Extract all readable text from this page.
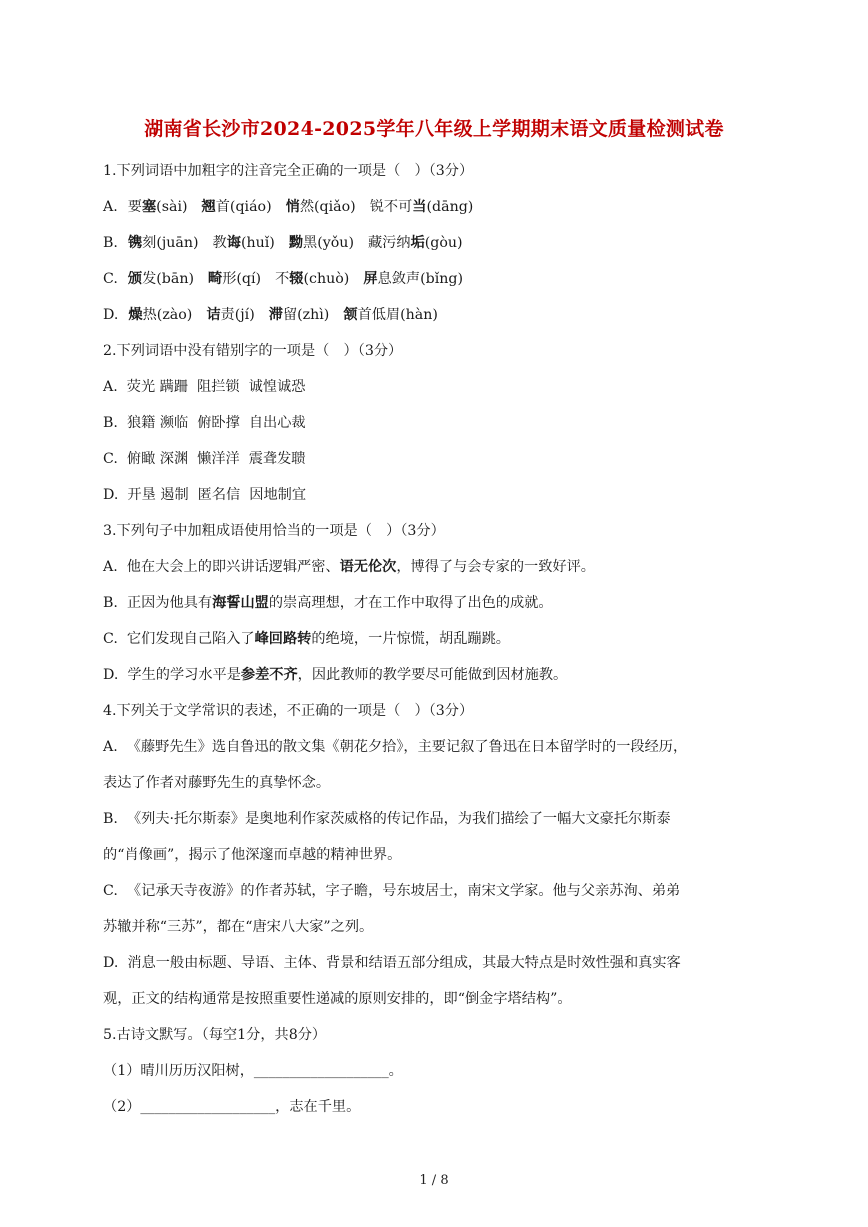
湖南省长沙市2024-2025学年八年级上学期期末语文质量检测试卷
1.下列词语中加粗字的注音完全正确的一项是（　）（3分）
A. 要塞(sài) 翘首(qiáo) 悄然(qiǎo) 锐不可当(dāng)
B. 镌刻(juān) 教诲(huǐ) 黝黑(yǒu) 藏污纳垢(gòu)
C. 颁发(bān) 畸形(qí) 不辍(chuò) 屏息敛声(bǐng)
D. 燥热(zào) 诘责(jí) 滞留(zhì) 颔首低眉(hàn)
2.下列词语中没有错别字的一项是（　）（3分）
A.  荧光 蹒跚  阻拦锁  诚惶诚恐
B.  狼籍 濒临  俯卧撑  自出心裁
C.  俯瞰 深渊  懒洋洋  震聋发聩
D.  开垦 遏制  匿名信  因地制宜
3.下列句子中加粗成语使用恰当的一项是（　）（3分）
A.  他在大会上的即兴讲话逻辑严密、语无伦次，博得了与会专家的一致好评。
B.  正因为他具有海誓山盟的崇高理想，才在工作中取得了出色的成就。
C.  它们发现自己陷入了峰回路转的绝境，一片惊慌，胡乱蹦跳。
D.  学生的学习水平是参差不齐，因此教师的教学要尽可能做到因材施教。
4.下列关于文学常识的表述，不正确的一项是（　）（3分）
A.  《藤野先生》选自鲁迅的散文集《朝花夕拾》，主要记叙了鲁迅在日本留学时的一段经历，
表达了作者对藤野先生的真挚怀念。
B.  《列夫·托尔斯泰》是奥地利作家茨威格的传记作品，为我们描绘了一幅大文豪托尔斯泰
的“肖像画”，揭示了他深邃而卓越的精神世界。
C.  《记承天寺夜游》的作者苏轼，字子瞻，号东坡居士，南宋文学家。他与父亲苏洵、弟弟
苏辙并称“三苏”，都在“唐宋八大家”之列。
D.  消息一般由标题、导语、主体、背景和结语五部分组成，其最大特点是时效性强和真实客
观，正文的结构通常是按照重要性递减的原则安排的，即“倒金字塔结构”。
5.古诗文默写。（每空1分，共8分）
（1）晴川历历汉阳树，___________________。
（2）___________________，志在千里。
1 / 8
